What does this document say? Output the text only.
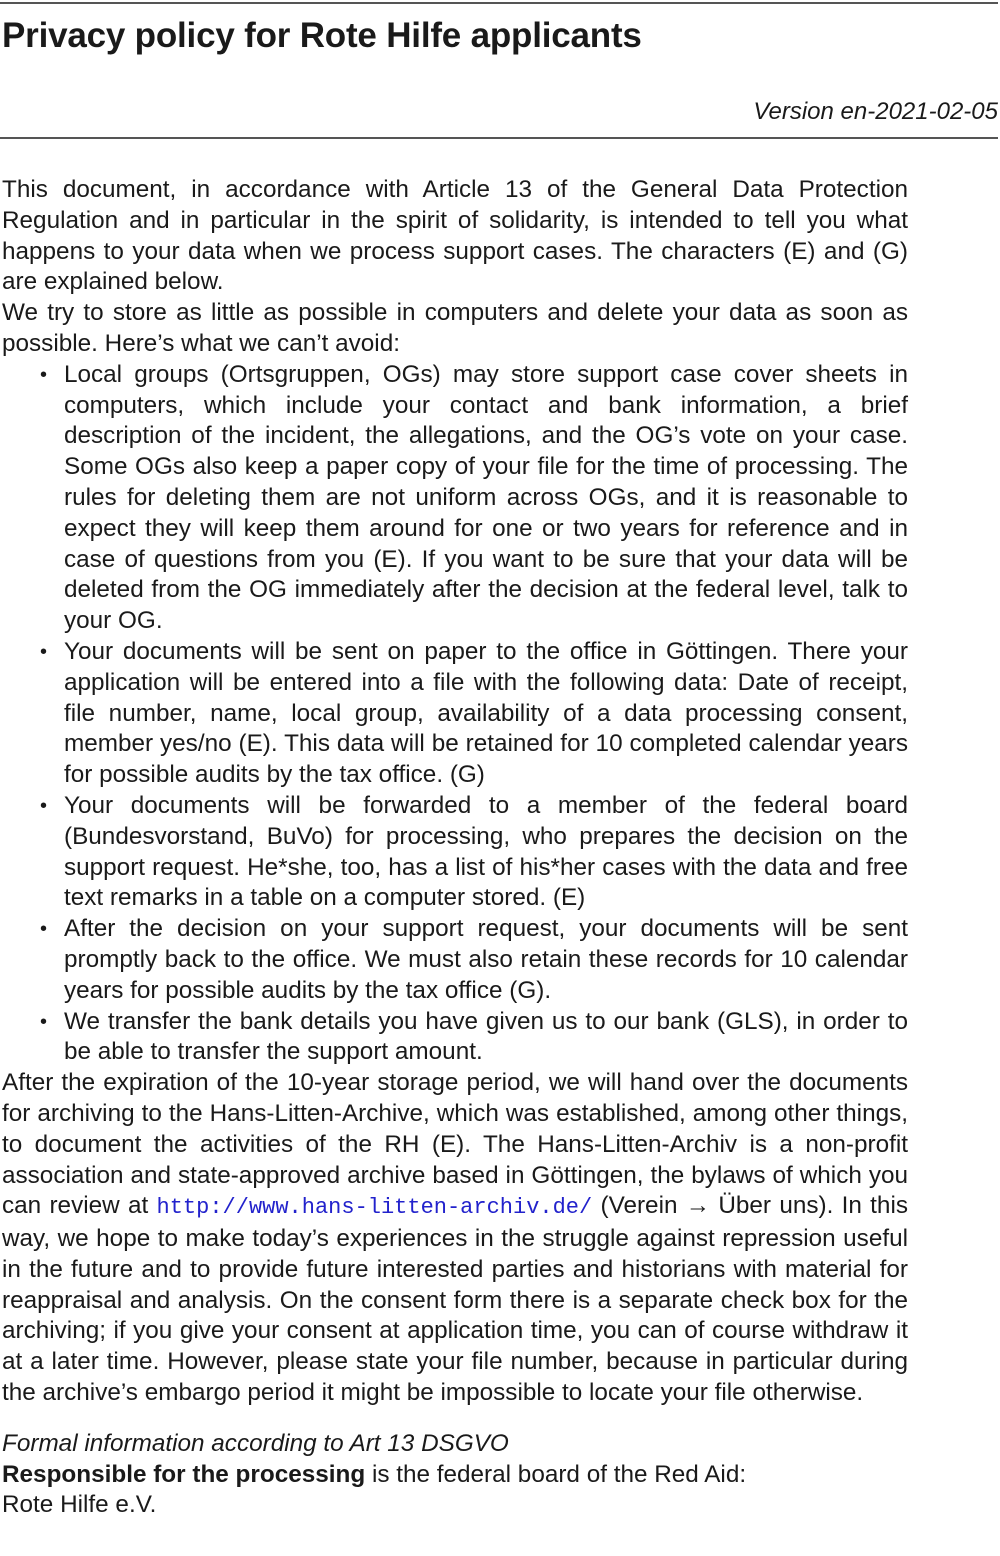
Privacy policy for Rote Hilfe applicants

Version en-2021-02-05

This document, in accordance with Article 13 of the General Data Protection Regulation and in particular in the spirit of solidarity, is intended to tell you what happens to your data when we process support cases. The characters (E) and (G) are explained below.

We try to store as little as possible in computers and delete your data as soon as possible. Here’s what we can’t avoid:

• Local groups (Ortsgruppen, OGs) may store support case cover sheets in computers, which include your contact and bank information, a brief description of the incident, the allegations, and the OG’s vote on your case. Some OGs also keep a paper copy of your file for the time of processing. The rules for deleting them are not uniform across OGs, and it is reasonable to expect they will keep them around for one or two years for reference and in case of questions from you (E). If you want to be sure that your data will be deleted from the OG immediately after the decision at the federal level, talk to your OG.
• Your documents will be sent on paper to the office in Göttingen. There your application will be entered into a file with the following data: Date of receipt, file number, name, local group, availability of a data processing consent, member yes/no (E). This data will be retained for 10 completed calendar years for possible audits by the tax office. (G)
• Your documents will be forwarded to a member of the federal board (Bundesvorstand, BuVo) for processing, who prepares the decision on the support request. He*she, too, has a list of his*her cases with the data and free text remarks in a table on a computer stored. (E)
• After the decision on your support request, your documents will be sent promptly back to the office. We must also retain these records for 10 calendar years for possible audits by the tax office (G).
• We transfer the bank details you have given us to our bank (GLS), in order to be able to transfer the support amount.

After the expiration of the 10-year storage period, we will hand over the documents for archiving to the Hans-Litten-Archive, which was established, among other things, to document the activities of the RH (E). The Hans-Litten-Archiv is a non-profit association and state-approved archive based in Göttingen, the bylaws of which you can review at http://www.hans-litten-archiv.de/ (Verein → Über uns). In this way, we hope to make today’s experiences in the struggle against repression useful in the future and to provide future interested parties and historians with material for reappraisal and analysis. On the consent form there is a separate check box for the archiving; if you give your consent at application time, you can of course withdraw it at a later time. However, please state your file number, because in particular during the archive’s embargo period it might be impossible to locate your file otherwise.

Formal information according to Art 13 DSGVO

Responsible for the processing is the federal board of the Red Aid:

Rote Hilfe e.V.
